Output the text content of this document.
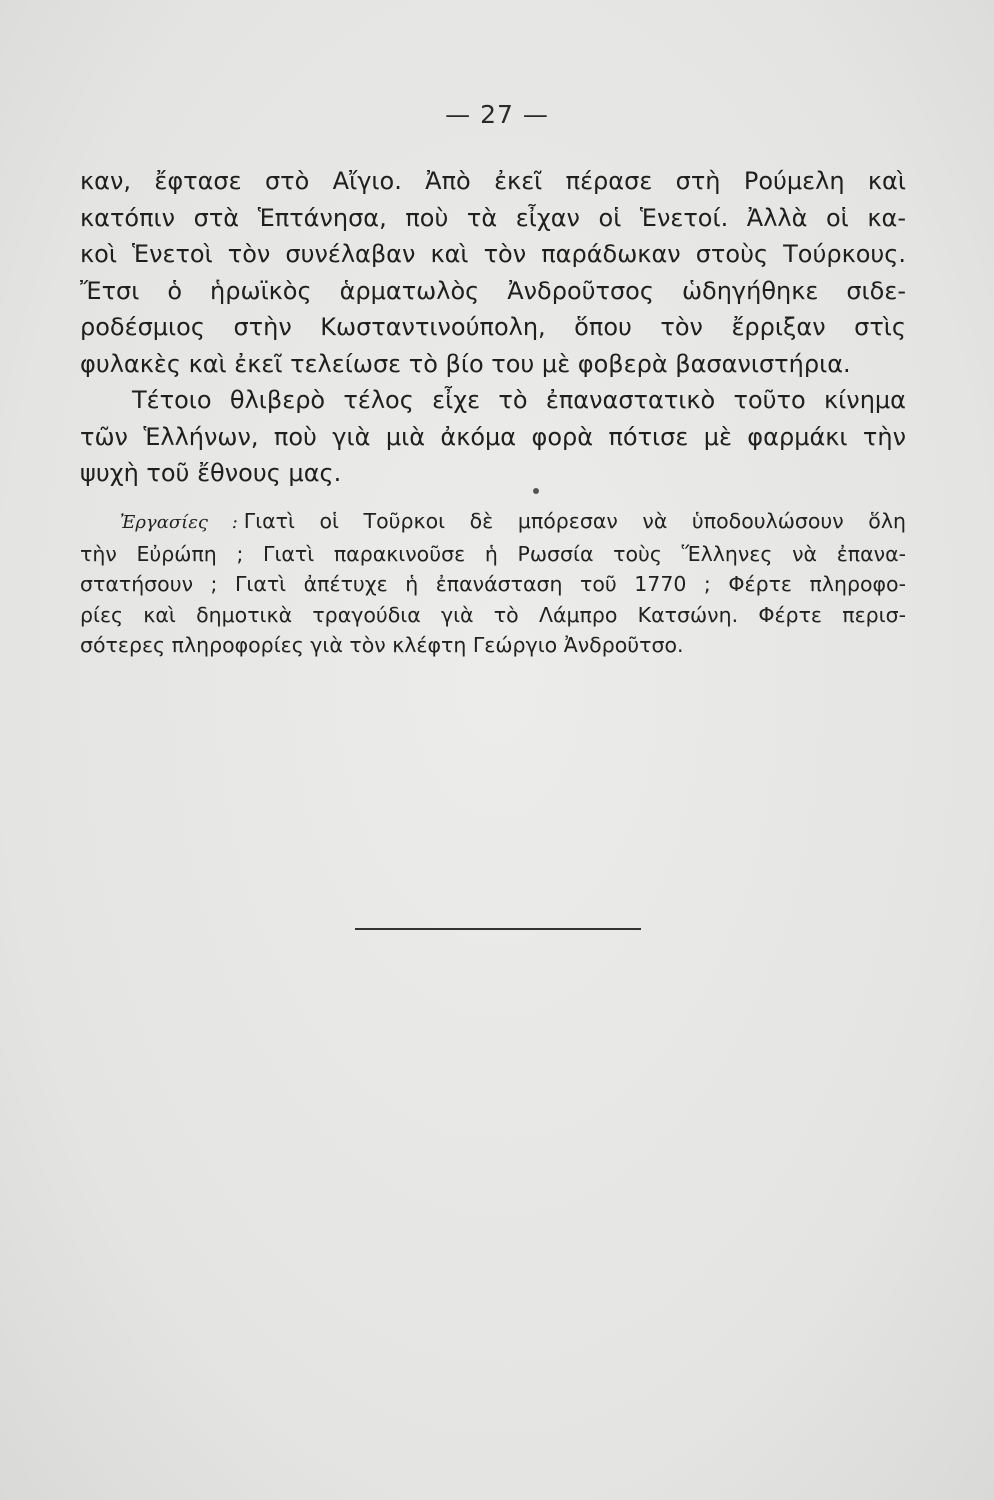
— 27 —
καν, ἔφτασε στὸ Αἴγιο. Ἀπὸ ἐκεῖ πέρασε στὴ Ρούμελη καὶ
κατόπιν στὰ Ἑπτάνησα, ποὺ τὰ εἶχαν οἱ Ἑνετοί. Ἀλλὰ οἱ κα-
κοὶ Ἑνετοὶ τὸν συνέλαβαν καὶ τὸν παράδωκαν στοὺς Τούρκους.
Ἔτσι ὁ ἡρωϊκὸς ἁρματωλὸς Ἀνδροῦτσος ὡδηγήθηκε σιδε-
ροδέσμιος στὴν Κωσταντινούπολη, ὅπου τὸν ἔρριξαν στὶς
φυλακὲς καὶ ἐκεῖ τελείωσε τὸ βίο του μὲ φοβερὰ βασανιστήρια.
Τέτοιο θλιβερὸ τέλος εἶχε τὸ ἐπαναστατικὸ τοῦτο κίνημα
τῶν Ἑλλήνων, ποὺ γιὰ μιὰ ἀκόμα φορὰ πότισε μὲ φαρμάκι τὴν
ψυχὴ τοῦ ἔθνους μας.
Ἐργασίες : Γιατὶ οἱ Τοῦρκοι δὲ μπόρεσαν νὰ ὑποδουλώσουν ὅλη
τὴν Εὐρώπη ; Γιατὶ παρακινοῦσε ἡ Ρωσσία τοὺς Ἕλληνες νὰ ἐπανα-
στατήσουν ; Γιατὶ ἀπέτυχε ἡ ἐπανάσταση τοῦ 1770 ; Φέρτε πληροφο-
ρίες καὶ δημοτικὰ τραγούδια γιὰ τὸ Λάμπρο Κατσώνη. Φέρτε περισ-
σότερες πληροφορίες γιὰ τὸν κλέφτη Γεώργιο Ἀνδροῦτσο.
